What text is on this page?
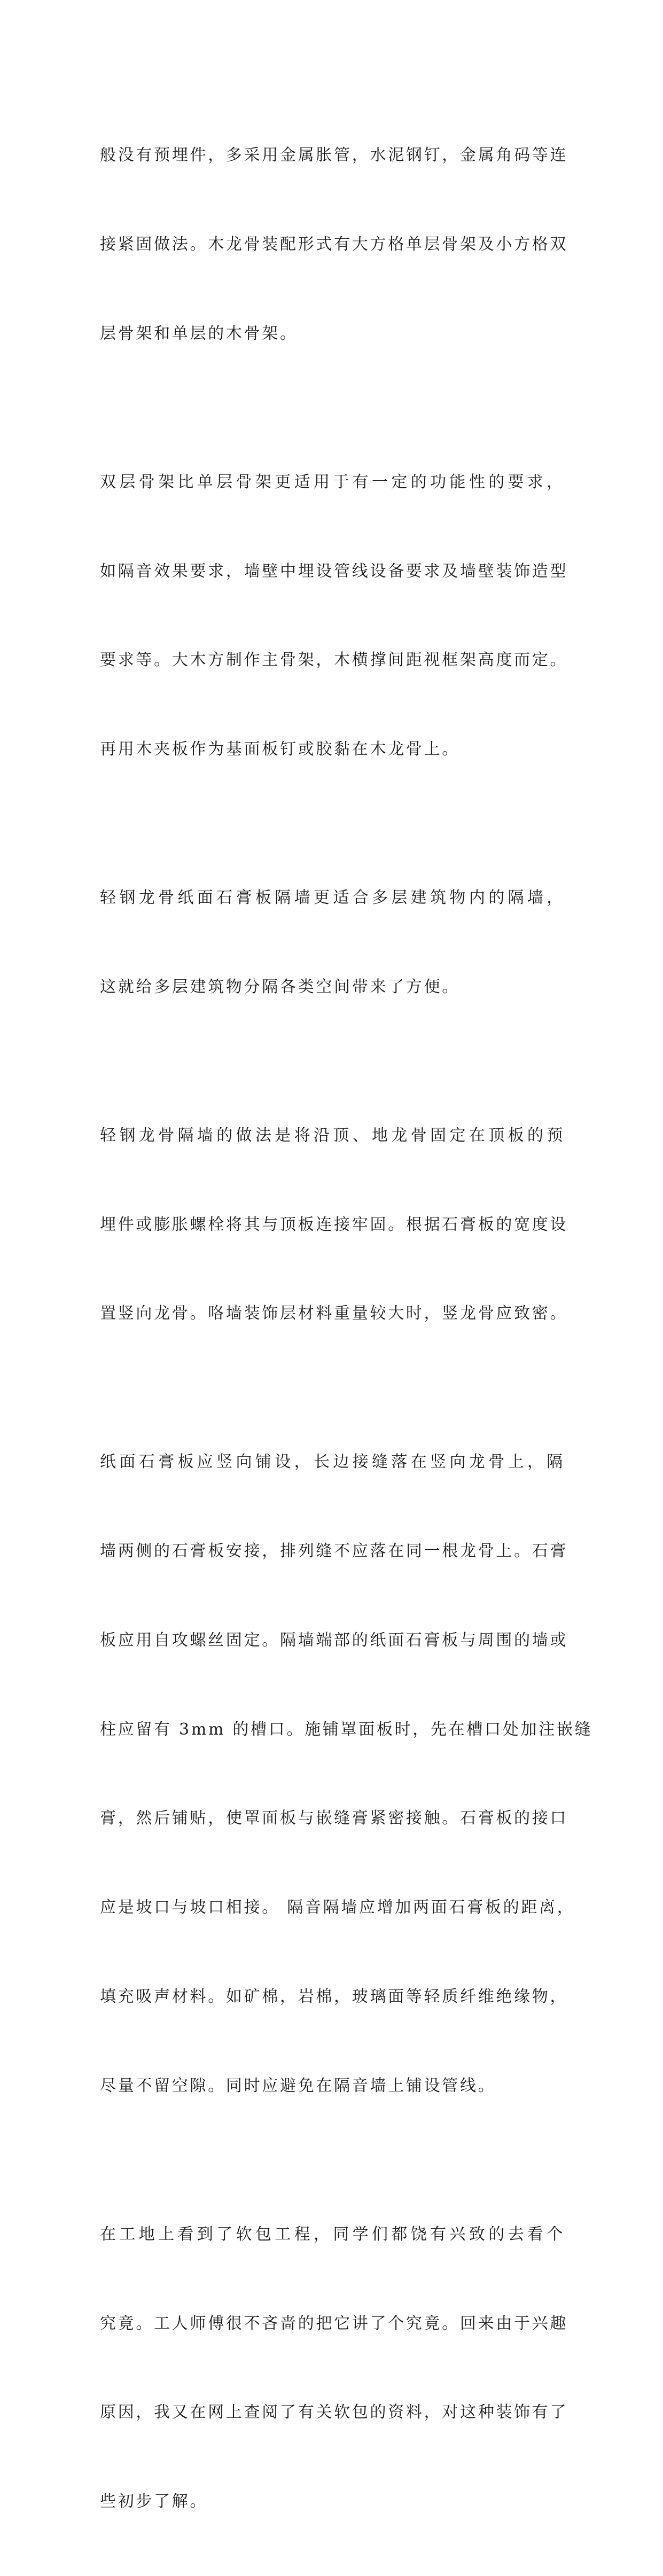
般没有预埋件，多采用金属胀管，水泥钢钉，金属角码等连

接紧固做法。木龙骨装配形式有大方格单层骨架及小方格双

层骨架和单层的木骨架。

双层骨架比单层骨架更适用于有一定的功能性的要求，

如隔音效果要求，墙壁中埋设管线设备要求及墙壁装饰造型

要求等。大木方制作主骨架，木横撑间距视框架高度而定。

再用木夹板作为基面板钉或胶黏在木龙骨上。

轻钢龙骨纸面石膏板隔墙更适合多层建筑物内的隔墙，

这就给多层建筑物分隔各类空间带来了方便。

轻钢龙骨隔墙的做法是将沿顶、地龙骨固定在顶板的预

埋件或膨胀螺栓将其与顶板连接牢固。根据石膏板的宽度设

置竖向龙骨。咯墙装饰层材料重量较大时，竖龙骨应致密。

纸面石膏板应竖向铺设，长边接缝落在竖向龙骨上，隔

墙两侧的石膏板安接，排列缝不应落在同一根龙骨上。石膏

板应用自攻螺丝固定。隔墙端部的纸面石膏板与周围的墙或

柱应留有 3mm 的槽口。施铺罩面板时，先在槽口处加注嵌缝

膏，然后铺贴，使罩面板与嵌缝膏紧密接触。石膏板的接口

应是坡口与坡口相接。 隔音隔墙应增加两面石膏板的距离，

填充吸声材料。如矿棉，岩棉，玻璃面等轻质纤维绝缘物，

尽量不留空隙。同时应避免在隔音墙上铺设管线。

在工地上看到了软包工程，同学们都饶有兴致的去看个

究竟。工人师傅很不吝啬的把它讲了个究竟。回来由于兴趣

原因，我又在网上查阅了有关软包的资料，对这种装饰有了

些初步了解。
